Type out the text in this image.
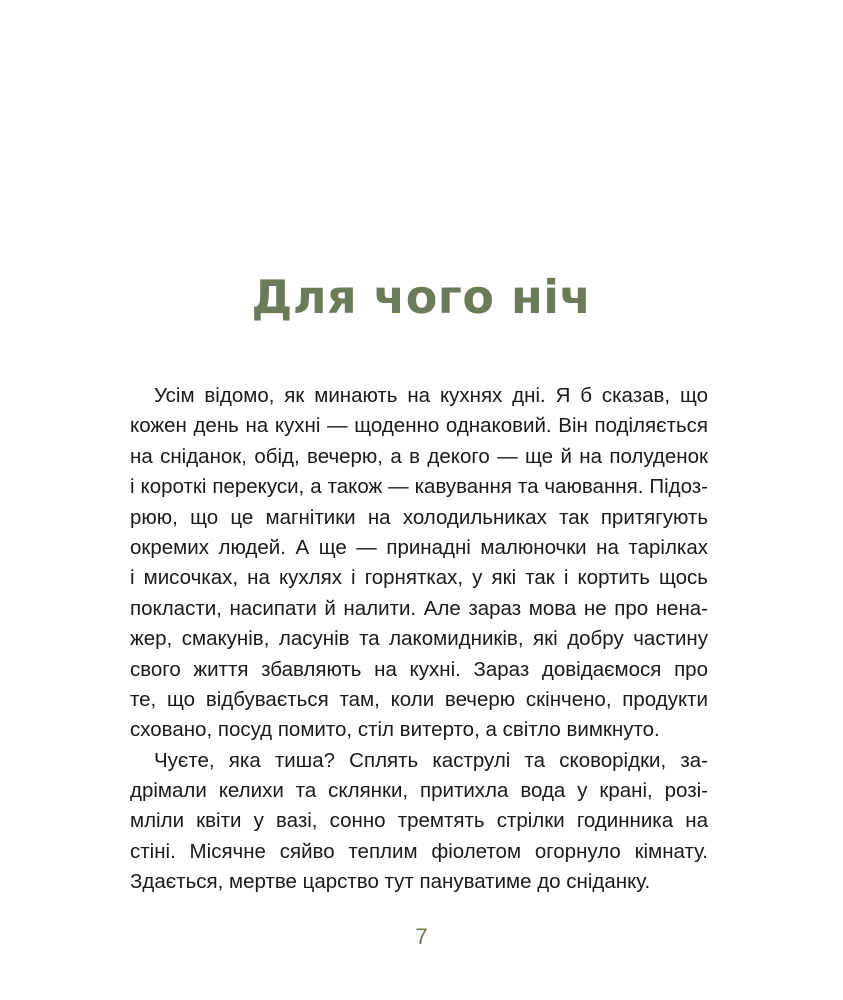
Для чого ніч
Усім відомо, як минають на кухнях дні. Я б сказав, що
кожен день на кухні — щоденно однаковий. Він поділяється
на сніданок, обід, вечерю, а в декого — ще й на полуденок
і короткі перекуси, а також — кавування та чаювання. Підоз-
рюю, що це магнітики на холодильниках так притягують
окремих людей. А ще — принадні малюночки на тарілках
і мисочках, на кухлях і горнятках, у які так і кортить щось
покласти, насипати й налити. Але зараз мова не про нена-
жер, смакунів, ласунів та лакомидників, які добру частину
свого життя збавляють на кухні. Зараз довідаємося про
те, що відбувається там, коли вечерю скінчено, продукти
сховано, посуд помито, стіл витерто, а світло вимкнуто.
Чуєте, яка тиша? Сплять каструлі та сковорідки, за-
дрімали келихи та склянки, притихла вода у крані, розі-
мліли квіти у вазі, сонно тремтять стрілки годинника на
стіні. Місячне сяйво теплим фіолетом огорнуло кімнату.
Здається, мертве царство тут пануватиме до сніданку.
7
